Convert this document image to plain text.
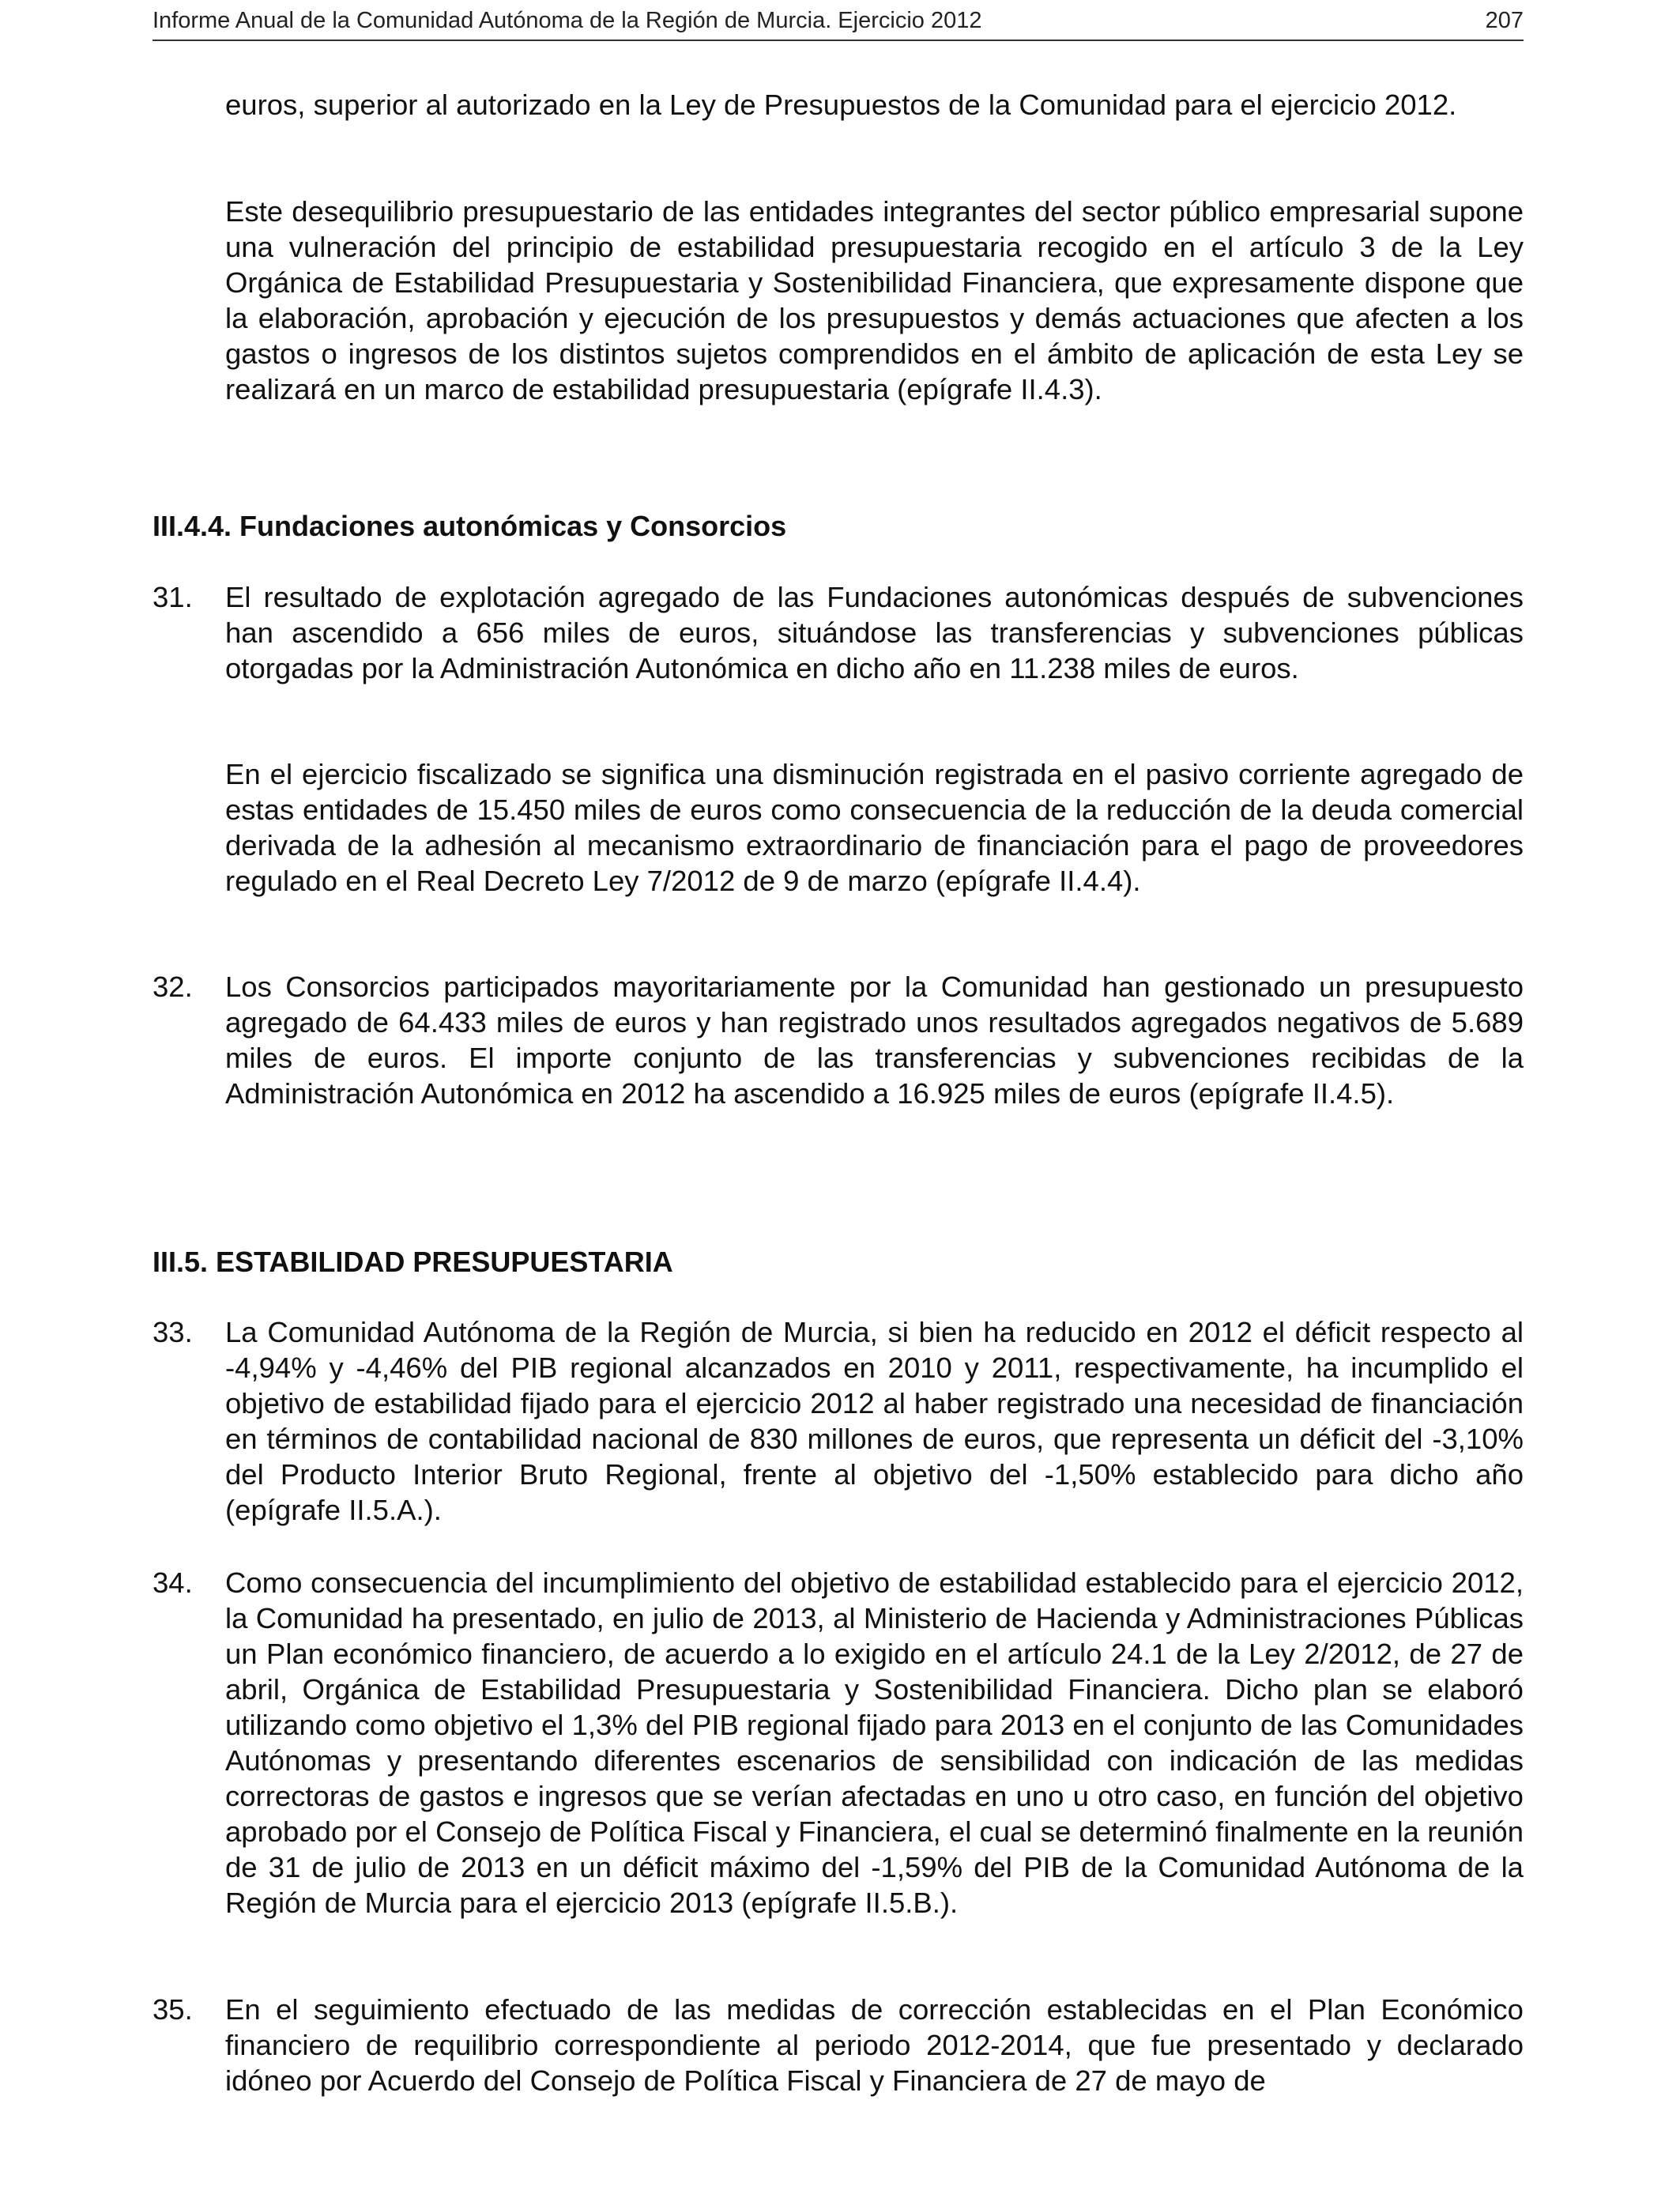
Informe Anual de la Comunidad Autónoma de la Región de Murcia. Ejercicio 2012	207

euros, superior al autorizado en la Ley de Presupuestos de la Comunidad para el ejercicio 2012.

Este desequilibrio presupuestario de las entidades integrantes del sector público empresarial supone una vulneración del principio de estabilidad presupuestaria recogido en el artículo 3 de la Ley Orgánica de Estabilidad Presupuestaria y Sostenibilidad Financiera, que expresamente dispone que la elaboración, aprobación y ejecución de los presupuestos y demás actuaciones que afecten a los gastos o ingresos de los distintos sujetos comprendidos en el ámbito de aplicación de esta Ley se realizará en un marco de estabilidad presupuestaria (epígrafe II.4.3).

III.4.4. Fundaciones autonómicas y Consorcios
31. El resultado de explotación agregado de las Fundaciones autonómicas después de subvenciones han ascendido a 656 miles de euros, situándose las transferencias y subvenciones públicas otorgadas por la Administración Autonómica en dicho año en 11.238 miles de euros.

En el ejercicio fiscalizado se significa una disminución registrada en el pasivo corriente agregado de estas entidades de 15.450 miles de euros como consecuencia de la reducción de la deuda comercial derivada de la adhesión al mecanismo extraordinario de financiación para el pago de proveedores regulado en el Real Decreto Ley 7/2012 de 9 de marzo (epígrafe II.4.4).

32. Los Consorcios participados mayoritariamente por la Comunidad han gestionado un presupuesto agregado de 64.433 miles de euros y han registrado unos resultados agregados negativos de 5.689 miles de euros. El importe conjunto de las transferencias y subvenciones recibidas de la Administración Autonómica en 2012 ha ascendido a 16.925 miles de euros (epígrafe II.4.5).

III.5. ESTABILIDAD PRESUPUESTARIA
33. La Comunidad Autónoma de la Región de Murcia, si bien ha reducido en 2012 el déficit respecto al -4,94% y -4,46% del PIB regional alcanzados en 2010 y 2011, respectivamente, ha incumplido el objetivo de estabilidad fijado para el ejercicio 2012 al haber registrado una necesidad de financiación en términos de contabilidad nacional de 830 millones de euros, que representa un déficit del -3,10% del Producto Interior Bruto Regional, frente al objetivo del -1,50% establecido para dicho año (epígrafe II.5.A.).

34. Como consecuencia del incumplimiento del objetivo de estabilidad establecido para el ejercicio 2012, la Comunidad ha presentado, en julio de 2013, al Ministerio de Hacienda y Administraciones Públicas un Plan económico financiero, de acuerdo a lo exigido en el artículo 24.1 de la Ley 2/2012, de 27 de abril, Orgánica de Estabilidad Presupuestaria y Sostenibilidad Financiera. Dicho plan se elaboró utilizando como objetivo el 1,3% del PIB regional fijado para 2013 en el conjunto de las Comunidades Autónomas y presentando diferentes escenarios de sensibilidad con indicación de las medidas correctoras de gastos e ingresos que se verían afectadas en uno u otro caso, en función del objetivo aprobado por el Consejo de Política Fiscal y Financiera, el cual se determinó finalmente en la reunión de 31 de julio de 2013 en un déficit máximo del -1,59% del PIB de la Comunidad Autónoma de la Región de Murcia para el ejercicio 2013 (epígrafe II.5.B.).

35. En el seguimiento efectuado de las medidas de corrección establecidas en el Plan Económico financiero de requilibrio correspondiente al periodo 2012-2014, que fue presentado y declarado idóneo por Acuerdo del Consejo de Política Fiscal y Financiera de 27 de mayo de
